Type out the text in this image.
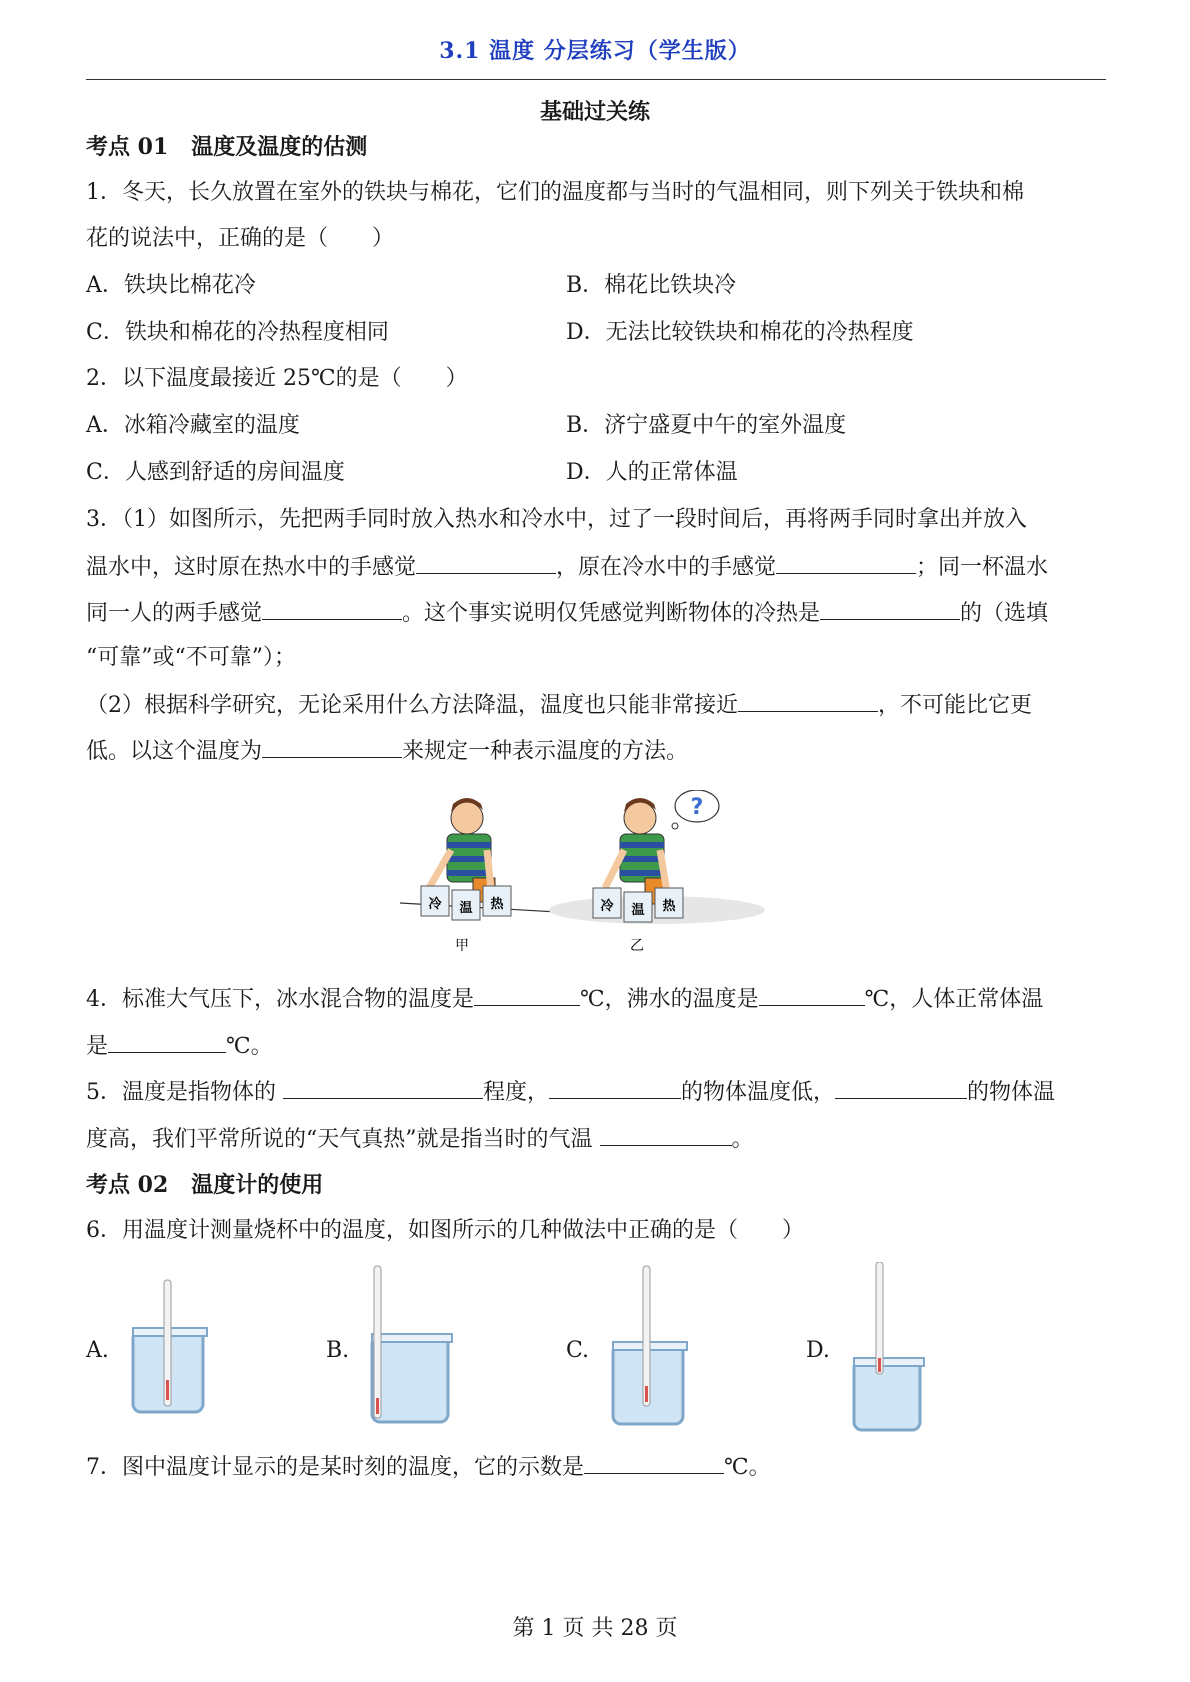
3.1 温度 分层练习（学生版）
基础过关练
考点 01 温度及温度的估测
1．冬天，长久放置在室外的铁块与棉花，它们的温度都与当时的气温相同，则下列关于铁块和棉
花的说法中，正确的是（　　）
A．铁块比棉花冷	B．棉花比铁块冷
C．铁块和棉花的冷热程度相同	D．无法比较铁块和棉花的冷热程度
2．以下温度最接近 25℃的是（　　）
A．冰箱冷藏室的温度	B．济宁盛夏中午的室外温度
C．人感到舒适的房间温度	D．人的正常体温
3．（1）如图所示，先把两手同时放入热水和冷水中，过了一段时间后，再将两手同时拿出并放入
温水中，这时原在热水中的手感觉	，原在冷水中的手感觉	；同一杯温水
同一人的两手感觉	。这个事实说明仅凭感觉判断物体的冷热是	的（选填
“可靠”或“不可靠”）；
（2）根据科学研究，无论采用什么方法降温，温度也只能非常接近	，不可能比它更
低。以这个温度为	来规定一种表示温度的方法。
冷 温 热
甲
?
冷 温 热
乙
4．标准大气压下，冰水混合物的温度是	℃，沸水的温度是	℃，人体正常体温
是	℃。
5．温度是指物体的	程度，	的物体温度低，	的物体温
度高，我们平常所说的“天气真热”就是指当时的气温	。
考点 02 温度计的使用
6．用温度计测量烧杯中的温度，如图所示的几种做法中正确的是（　　）
A.	B.	C.	D.
7．图中温度计显示的是某时刻的温度，它的示数是	℃。
第 1 页 共 28 页
